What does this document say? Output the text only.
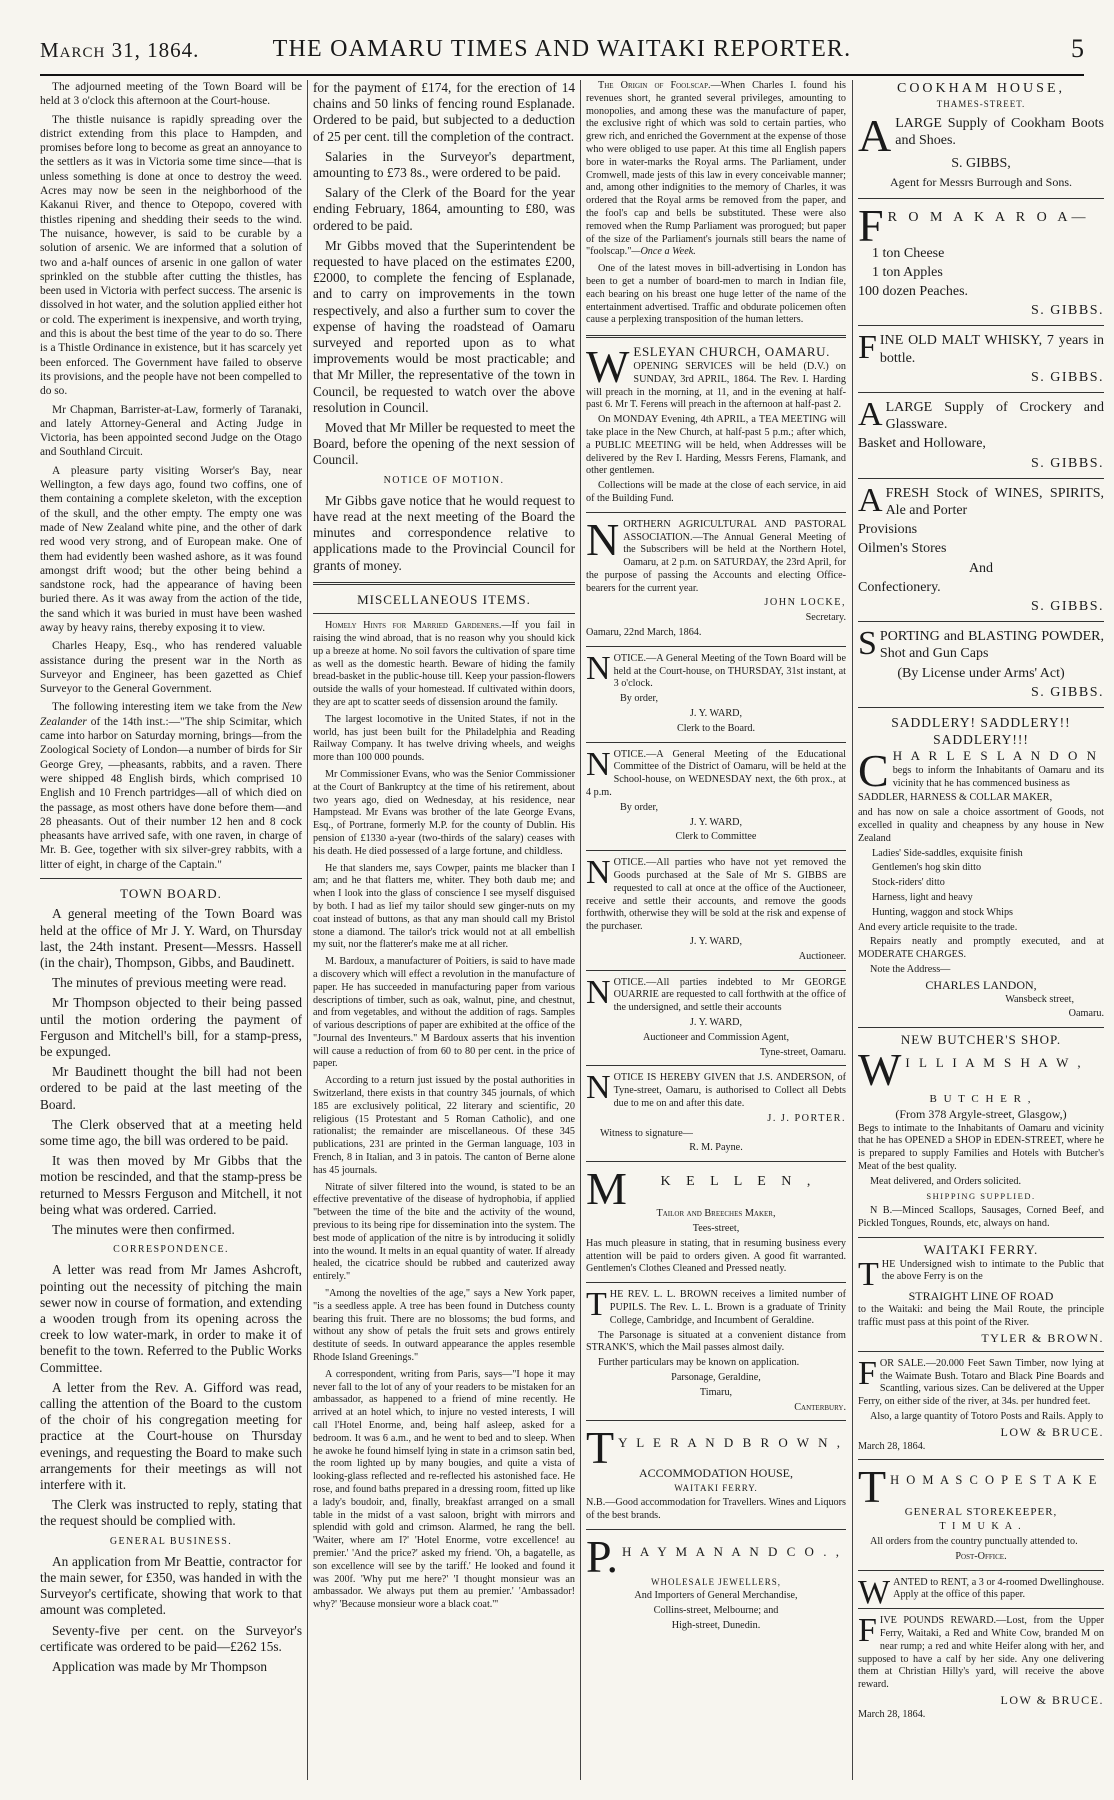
March 31, 1864.	THE OAMARU TIMES AND WAITAKI REPORTER.	5

The adjourned meeting of the Town Board will be held at 3 o'clock this afternoon at the Court-house.

The thistle nuisance is rapidly spreading over the district extending from this place to Hampden, and promises before long to become as great an annoyance to the settlers as it was in Victoria some time since—that is unless something is done at once to destroy the weed. Acres may now be seen in the neighborhood of the Kakanui River, and thence to Otepopo, covered with thistles ripening and shedding their seeds to the wind. The nuisance, however, is said to be curable by a solution of arsenic. We are informed that a solution of two and a-half ounces of arsenic in one gallon of water sprinkled on the stubble after cutting the thistles, has been used in Victoria with perfect success. The arsenic is dissolved in hot water, and the solution applied either hot or cold. The experiment is inexpensive, and worth trying, and this is about the best time of the year to do so. There is a Thistle Ordinance in existence, but it has scarcely yet been enforced. The Government have failed to observe its provisions, and the people have not been compelled to do so.

Mr Chapman, Barrister-at-Law, formerly of Taranaki, and lately Attorney-General and Acting Judge in Victoria, has been appointed second Judge on the Otago and Southland Circuit.

A pleasure party visiting Worser's Bay, near Wellington, a few days ago, found two coffins, one of them containing a complete skeleton, with the exception of the skull, and the other empty. The empty one was made of New Zealand white pine, and the other of dark red wood very strong, and of European make. One of them had evidently been washed ashore, as it was found amongst drift wood; but the other being behind a sandstone rock, had the appearance of having been buried there. As it was away from the action of the tide, the sand which it was buried in must have been washed away by heavy rains, thereby exposing it to view.

Charles Heapy, Esq., who has rendered valuable assistance during the present war in the North as Surveyor and Engineer, has been gazetted as Chief Surveyor to the General Government.

The following interesting item we take from the New Zealander of the 14th inst.:—"The ship Scimitar, which came into harbor on Saturday morning, brings—from the Zoological Society of London—a number of birds for Sir George Grey, —pheasants, rabbits, and a raven. There were shipped 48 English birds, which comprised 10 English and 10 French partridges—all of which died on the passage, as most others have done before them—and 28 pheasants. Out of their number 12 hen and 8 cock pheasants have arrived safe, with one raven, in charge of Mr. B. Gee, together with six silver-grey rabbits, with a litter of eight, in charge of the Captain."

TOWN BOARD.

A general meeting of the Town Board was held at the office of Mr J. Y. Ward, on Thursday last, the 24th instant. Present—Messrs. Hassell (in the chair), Thompson, Gibbs, and Baudinett.

The minutes of previous meeting were read.

Mr Thompson objected to their being passed until the motion ordering the payment of Ferguson and Mitchell's bill, for a stamp-press, be expunged.

Mr Baudinett thought the bill had not been ordered to be paid at the last meeting of the Board.

The Clerk observed that at a meeting held some time ago, the bill was ordered to be paid.

It was then moved by Mr Gibbs that the motion be rescinded, and that the stamp-press be returned to Messrs Ferguson and Mitchell, it not being what was ordered. Carried.

The minutes were then confirmed.

CORRESPONDENCE.

A letter was read from Mr James Ashcroft, pointing out the necessity of pitching the main sewer now in course of formation, and extending a wooden trough from its opening across the creek to low water-mark, in order to make it of benefit to the town. Referred to the Public Works Committee.

A letter from the Rev. A. Gifford was read, calling the attention of the Board to the custom of the choir of his congregation meeting for practice at the Court-house on Thursday evenings, and requesting the Board to make such arrangements for their meetings as will not interfere with it.

The Clerk was instructed to reply, stating that the request should be complied with.

GENERAL BUSINESS.

An application from Mr Beattie, contractor for the main sewer, for £350, was handed in with the Surveyor's certificate, showing that work to that amount was completed.

Seventy-five per cent. on the Surveyor's certificate was ordered to be paid—£262 15s.

Application was made by Mr Thompson

for the payment of £174, for the erection of 14 chains and 50 links of fencing round Esplanade. Ordered to be paid, but subjected to a deduction of 25 per cent. till the completion of the contract.

Salaries in the Surveyor's department, amounting to £73 8s., were ordered to be paid.

Salary of the Clerk of the Board for the year ending February, 1864, amounting to £80, was ordered to be paid.

Mr Gibbs moved that the Superintendent be requested to have placed on the estimates £200, £2000, to complete the fencing of Esplanade, and to carry on improvements in the town respectively, and also a further sum to cover the expense of having the roadstead of Oamaru surveyed and reported upon as to what improvements would be most practicable; and that Mr Miller, the representative of the town in Council, be requested to watch over the above resolution in Council.

Moved that Mr Miller be requested to meet the Board, before the opening of the next session of Council.

NOTICE OF MOTION.

Mr Gibbs gave notice that he would request to have read at the next meeting of the Board the minutes and correspondence relative to applications made to the Provincial Council for grants of money.

MISCELLANEOUS ITEMS.

Homely Hints for Married Gardeners.—If you fail in raising the wind abroad, that is no reason why you should kick up a breeze at home. No soil favors the cultivation of spare time as well as the domestic hearth. Beware of hiding the family bread-basket in the public-house till. Keep your passion-flowers outside the walls of your homestead. If cultivated within doors, they are apt to scatter seeds of dissension around the family.

The largest locomotive in the United States, if not in the world, has just been built for the Philadelphia and Reading Railway Company. It has twelve driving wheels, and weighs more than 100 000 pounds.

Mr Commissioner Evans, who was the Senior Commissioner at the Court of Bankruptcy at the time of his retirement, about two years ago, died on Wednesday, at his residence, near Hampstead. Mr Evans was brother of the late George Evans, Esq., of Portrane, formerly M.P. for the county of Dublin. His pension of £1330 a-year (two-thirds of the salary) ceases with his death. He died possessed of a large fortune, and childless.

He that slanders me, says Cowper, paints me blacker than I am; and he that flatters me, whiter. They both daub me; and when I look into the glass of conscience I see myself disguised by both. I had as lief my tailor should sew ginger-nuts on my coat instead of buttons, as that any man should call my Bristol stone a diamond. The tailor's trick would not at all embellish my suit, nor the flatterer's make me at all richer.

M. Bardoux, a manufacturer of Poitiers, is said to have made a discovery which will effect a revolution in the manufacture of paper. He has succeeded in manufacturing paper from various descriptions of timber, such as oak, walnut, pine, and chestnut, and from vegetables, and without the addition of rags. Samples of various descriptions of paper are exhibited at the office of the "Journal des Inventeurs." M Bardoux asserts that his invention will cause a reduction of from 60 to 80 per cent. in the price of paper.

According to a return just issued by the postal authorities in Switzerland, there exists in that country 345 journals, of which 185 are exclusively political, 22 literary and scientific, 20 religious (15 Protestant and 5 Roman Catholic), and one rationalist; the remainder are miscellaneous. Of these 345 publications, 231 are printed in the German language, 103 in French, 8 in Italian, and 3 in patois. The canton of Berne alone has 45 journals.

Nitrate of silver filtered into the wound, is stated to be an effective preventative of the disease of hydrophobia, if applied "between the time of the bite and the activity of the wound, previous to its being ripe for dissemination into the system. The best mode of application of the nitre is by introducing it solidly into the wound. It melts in an equal quantity of water. If already healed, the cicatrice should be rubbed and cauterized away entirely."

"Among the novelties of the age," says a New York paper, "is a seedless apple. A tree has been found in Dutchess county bearing this fruit. There are no blossoms; the bud forms, and without any show of petals the fruit sets and grows entirely destitute of seeds. In outward appearance the apples resemble Rhode Island Greenings."

A correspondent, writing from Paris, says—"I hope it may never fall to the lot of any of your readers to be mistaken for an ambassador, as happened to a friend of mine recently. He arrived at an hotel which, to injure no vested interests, I will call l'Hotel Enorme, and, being half asleep, asked for a bedroom. It was 6 a.m., and he went to bed and to sleep. When he awoke he found himself lying in state in a crimson satin bed, the room lighted up by many bougies, and quite a vista of looking-glass reflected and re-reflected his astonished face. He rose, and found baths prepared in a dressing room, fitted up like a lady's boudoir, and, finally, breakfast arranged on a small table in the midst of a vast saloon, bright with mirrors and splendid with gold and crimson. Alarmed, he rang the bell. 'Waiter, where am I?' 'Hotel Enorme, votre excellence! au premier.' 'And the price?' asked my friend. 'Oh, a bagatelle, as son excellence will see by the tariff.' He looked and found it was 200f. 'Why put me here?' 'I thought monsieur was an ambassador. We always put them au premier.' 'Ambassador! why?' 'Because monsieur wore a black coat.'"

The Origin of Foolscap.—When Charles I. found his revenues short, he granted several privileges, amounting to monopolies, and among these was the manufacture of paper, the exclusive right of which was sold to certain parties, who grew rich, and enriched the Government at the expense of those who were obliged to use paper. At this time all English papers bore in water-marks the Royal arms. The Parliament, under Cromwell, made jests of this law in every conceivable manner; and, among other indignities to the memory of Charles, it was ordered that the Royal arms be removed from the paper, and the fool's cap and bells be substituted. These were also removed when the Rump Parliament was prorogued; but paper of the size of the Parliament's journals still bears the name of "foolscap."—Once a Week.

One of the latest moves in bill-advertising in London has been to get a number of board-men to march in Indian file, each bearing on his breast one huge letter of the name of the entertainment advertised. Traffic and obdurate policemen often cause a perplexing transposition of the human letters.

W ESLEYAN CHURCH, OAMARU.

OPENING SERVICES will be held (D.V.) on SUNDAY, 3rd APRIL, 1864. The Rev. I. Harding will preach in the morning, at 11, and in the evening at half-past 6. Mr T. Ferens will preach in the afternoon at half-past 2.

On MONDAY Evening, 4th APRIL, a TEA MEETING will take place in the New Church, at half-past 5 p.m.; after which, a PUBLIC MEETING will be held, when Addresses will be delivered by the Rev I. Harding, Messrs Ferens, Flamank, and other gentlemen.

Collections will be made at the close of each service, in aid of the Building Fund.

N ORTHERN AGRICULTURAL AND PASTORAL ASSOCIATION.—The Annual General Meeting of the Subscribers will be held at the Northern Hotel, Oamaru, at 2 p.m. on SATURDAY, the 23rd April, for the purpose of passing the Accounts and electing Office-bearers for the current year.

JOHN LOCKE,

Secretary.

Oamaru, 22nd March, 1864.

N OTICE.—A General Meeting of the Town Board will be held at the Court-house, on THURSDAY, 31st instant, at 3 o'clock.

By order,

J. Y. WARD,

Clerk to the Board.

N OTICE.—A General Meeting of the Educational Committee of the District of Oamaru, will be held at the School-house, on WEDNESDAY next, the 6th prox., at 4 p.m.

By order,

J. Y. WARD,

Clerk to Committee

N OTICE.—All parties who have not yet removed the Goods purchased at the Sale of Mr S. GIBBS are requested to call at once at the office of the Auctioneer, receive and settle their accounts, and remove the goods forthwith, otherwise they will be sold at the risk and expense of the purchaser.

J. Y. WARD,

Auctioneer.

N OTICE.—All parties indebted to Mr GEORGE OUARRIE are requested to call forthwith at the office of the undersigned, and settle their accounts

J. Y. WARD,

Auctioneer and Commission Agent,

Tyne-street, Oamaru.

N OTICE IS HEREBY GIVEN that J.S. ANDERSON, of Tyne-street, Oamaru, is authorised to Collect all Debts due to me on and after this date.

J. J. PORTER.

Witness to signature—

R. M. Payne.

M	K E L L E N ,

Tailor and Breeches Maker,

Tees-street,

Has much pleasure in stating, that in resuming business every attention will be paid to orders given. A good fit warranted. Gentlemen's Clothes Cleaned and Pressed neatly.

T HE REV. L. L. BROWN receives a limited number of PUPILS. The Rev. L. L. Brown is a graduate of Trinity College, Cambridge, and Incumbent of Geraldine.

The Parsonage is situated at a convenient distance from STRANK'S, which the Mail passes almost daily.

Further particulars may be known on application.

Parsonage, Geraldine,

Timaru,

Canterbury.

T Y L E R A N D B R O W N ,

ACCOMMODATION HOUSE,

WAITAKI FERRY.

N.B.—Good accommodation for Travellers. Wines and Liquors of the best brands.

P. H A Y M A N A N D C O . ,

WHOLESALE JEWELLERS,

And Importers of General Merchandise,

Collins-street, Melbourne; and

High-street, Dunedin.

COOKHAM HOUSE,

THAMES-STREET.

A LARGE Supply of Cookham Boots and Shoes.

S. GIBBS,

Agent for Messrs Burrough and Sons.

F R O M A K A R O A—

1 ton Cheese

1 ton Apples

100 dozen Peaches.

S. GIBBS.

F INE OLD MALT WHISKY, 7 years in bottle.

S. GIBBS.

A LARGE Supply of Crockery and Glassware.

Basket and Holloware,

S. GIBBS.

A FRESH Stock of WINES, SPIRITS, Ale and Porter

Provisions

Oilmen's Stores

And

Confectionery.

S. GIBBS.

S PORTING and BLASTING POWDER, Shot and Gun Caps

(By License under Arms' Act)

S. GIBBS.

SADDLERY! SADDLERY!! SADDLERY!!!

C H A R L E S L A N D O N

begs to inform the Inhabitants of Oamaru and its vicinity that he has commenced business as

SADDLER, HARNESS & COLLAR MAKER,

and has now on sale a choice assortment of Goods, not excelled in quality and cheapness by any house in New Zealand

Ladies' Side-saddles, exquisite finish

Gentlemen's hog skin ditto

Stock-riders' ditto

Harness, light and heavy

Hunting, waggon and stock Whips

And every article requisite to the trade.

Repairs neatly and promptly executed, and at MODERATE CHARGES.

Note the Address—

CHARLES LANDON,

Wansbeck street,

Oamaru.

NEW BUTCHER'S SHOP.

W I L L I A M S H A W ,

B U T C H E R ,

(From 378 Argyle-street, Glasgow,)

Begs to intimate to the Inhabitants of Oamaru and vicinity that he has OPENED a SHOP in EDEN-STREET, where he is prepared to supply Families and Hotels with Butcher's Meat of the best quality.

Meat delivered, and Orders solicited.

SHIPPING SUPPLIED.

N B.—Minced Scallops, Sausages, Corned Beef, and Pickled Tongues, Rounds, etc, always on hand.

WAITAKI FERRY.

T HE Undersigned wish to intimate to the Public that the above Ferry is on the

STRAIGHT LINE OF ROAD

to the Waitaki: and being the Mail Route, the principle traffic must pass at this point of the River.

TYLER & BROWN.

F OR SALE.—20.000 Feet Sawn Timber, now lying at the Waimate Bush. Totaro and Black Pine Boards and Scantling, various sizes. Can be delivered at the Upper Ferry, on either side of the river, at 34s. per hundred feet.

Also, a large quantity of Totoro Posts and Rails. Apply to

LOW & BRUCE.

March 28, 1864.

T H O M A S C O P E S T A K E

GENERAL STOREKEEPER,

T I M U K A .

All orders from the country punctually attended to.

Post-Office.

W ANTED to RENT, a 3 or 4-roomed Dwellinghouse. Apply at the office of this paper.

F IVE POUNDS REWARD.—Lost, from the Upper Ferry, Waitaki, a Red and White Cow, branded M on near rump; a red and white Heifer along with her, and supposed to have a calf by her side. Any one delivering them at Christian Hilly's yard, will receive the above reward.

LOW & BRUCE.

March 28, 1864.
